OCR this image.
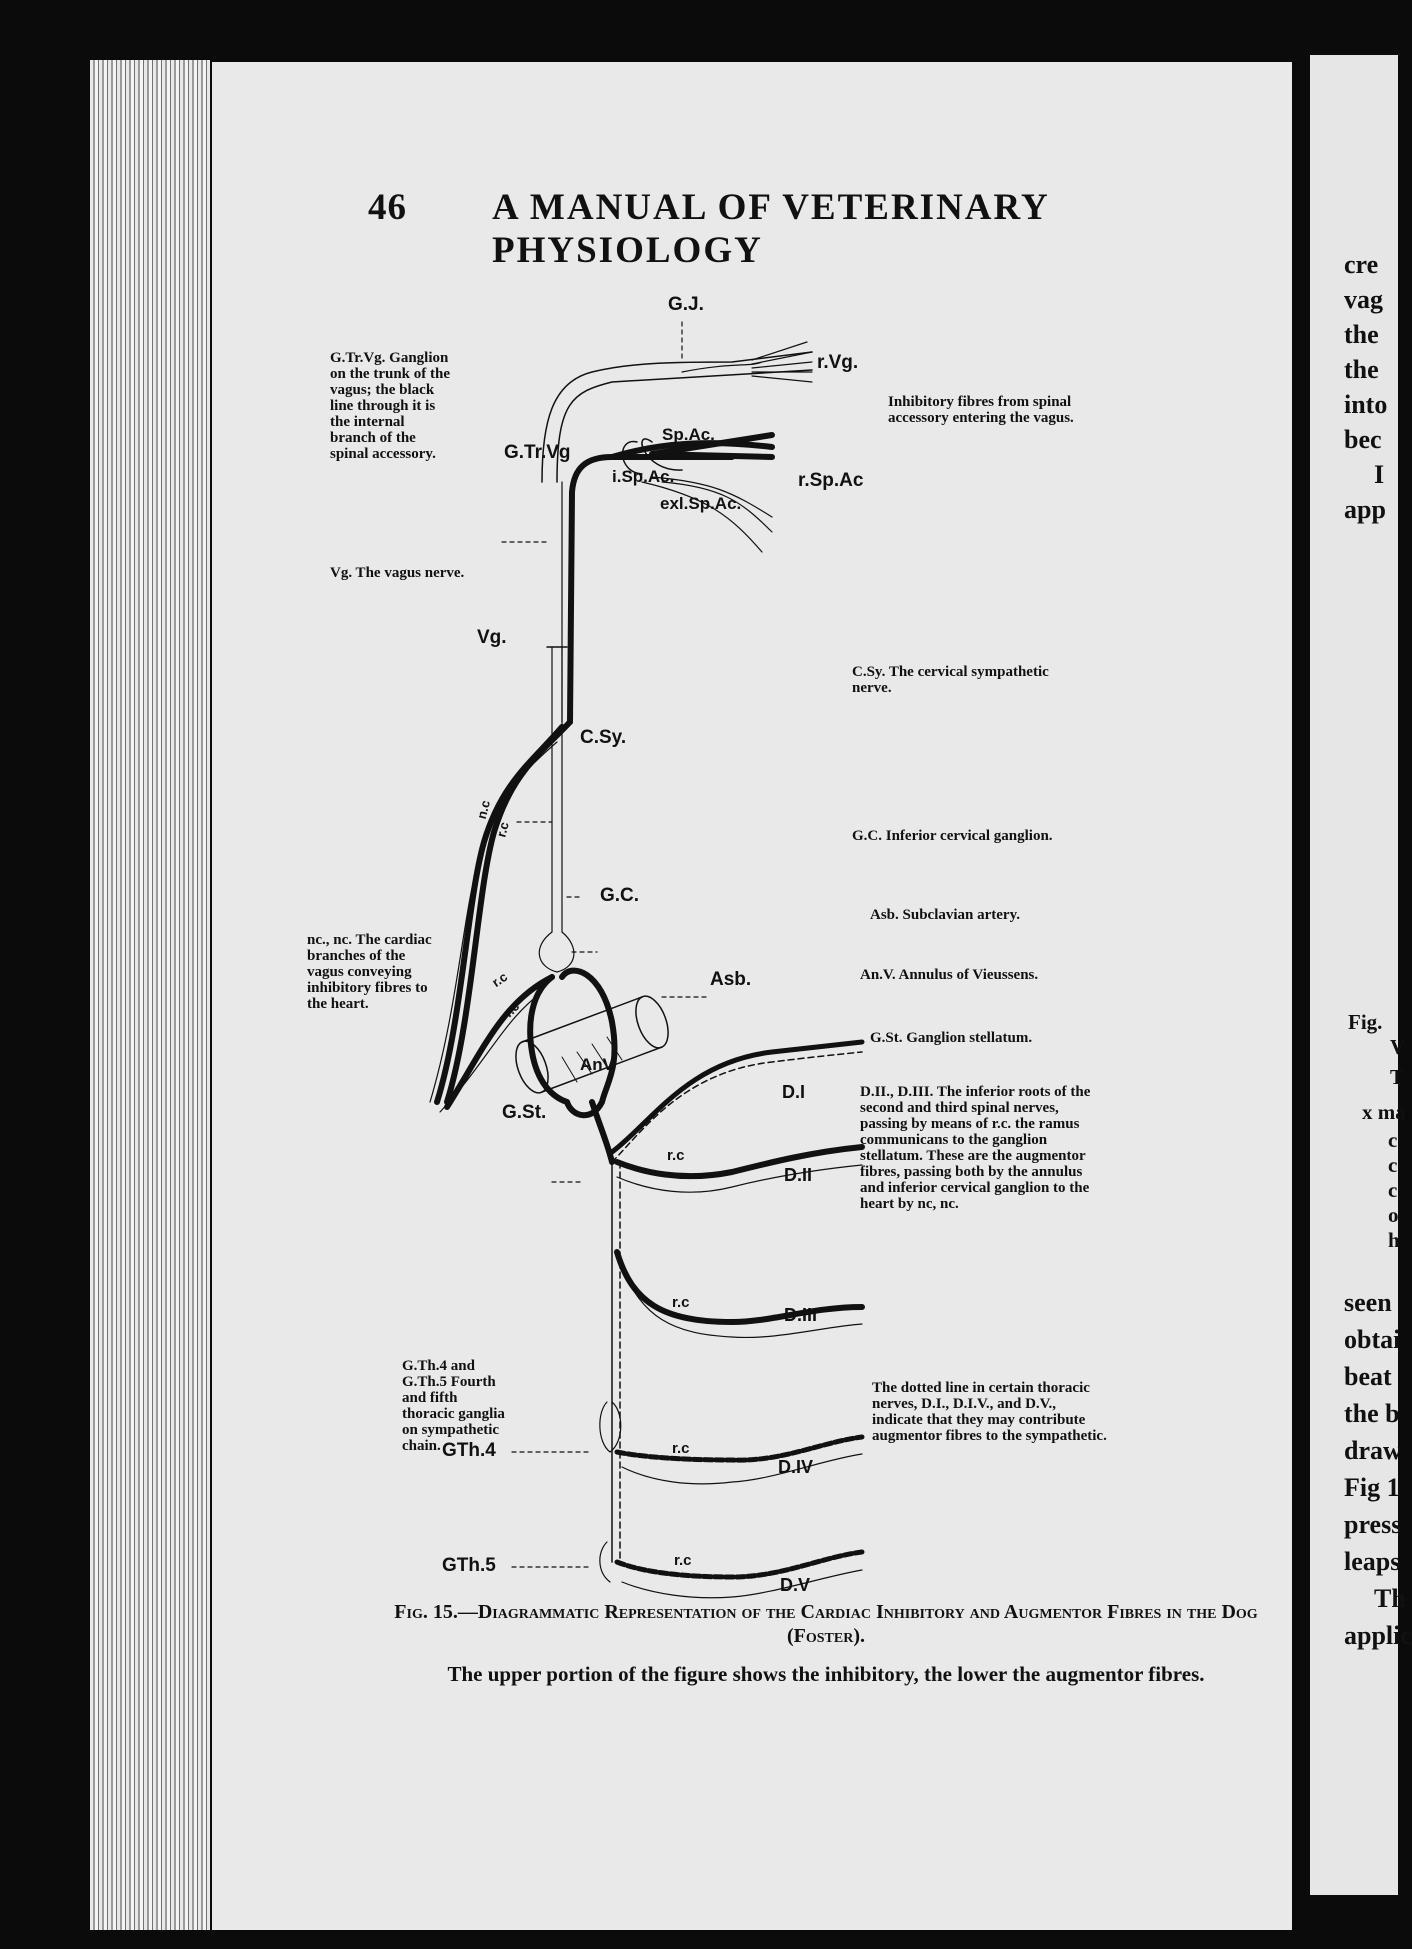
46 A MANUAL OF VETERINARY PHYSIOLOGY
G.J.
r.Vg.
G.Tr.Vg
Sp.Ac.
i.Sp.Ac.
exl.Sp.Ac.
r.Sp.Ac
Vg.
C.Sy.
G.C.
Asb.
AnV
G.St.
D.I
D.II
D.III
GTh.4
D.IV
GTh.5
D.V
r.c
r.c
r.c
r.c
n.c
r.c
r.c
r.c
G.Tr.Vg. Ganglion on the trunk of the vagus; the black line through it is the internal branch of the spinal accessory.
Inhibitory fibres from spinal accessory entering the vagus.
Vg. The vagus nerve.
C.Sy. The cervical sympathetic nerve.
G.C. Inferior cervical ganglion.
Asb. Subclavian artery.
An.V. Annulus of Vieussens.
nc., nc. The cardiac branches of the vagus conveying inhibitory fibres to the heart.
G.St. Ganglion stellatum.
D.II., D.III. The inferior roots of the second and third spinal nerves, passing by means of r.c. the ramus communicans to the ganglion stellatum. These are the augmentor fibres, passing both by the annulus and inferior cervical ganglion to the heart by nc, nc.
G.Th.4 and G.Th.5 Fourth and fifth thoracic ganglia on sympathetic chain.
The dotted line in certain thoracic nerves, D.I., D.I.V., and D.V., indicate that they may contribute augmentor fibres to the sympathetic.
Fig. 15.—Diagrammatic Representation of the Cardiac Inhibitory and Augmentor Fibres in the Dog (Foster).
The upper portion of the figure shows the inhibitory, the lower the augmentor fibres.
cre
vag
the
the
into
bec
I
app
Fig.
V
T
x ma
c
c
c
o
h
seen
obtai
beat
the b
draw
Fig 1
press
leaps
Th
applic
